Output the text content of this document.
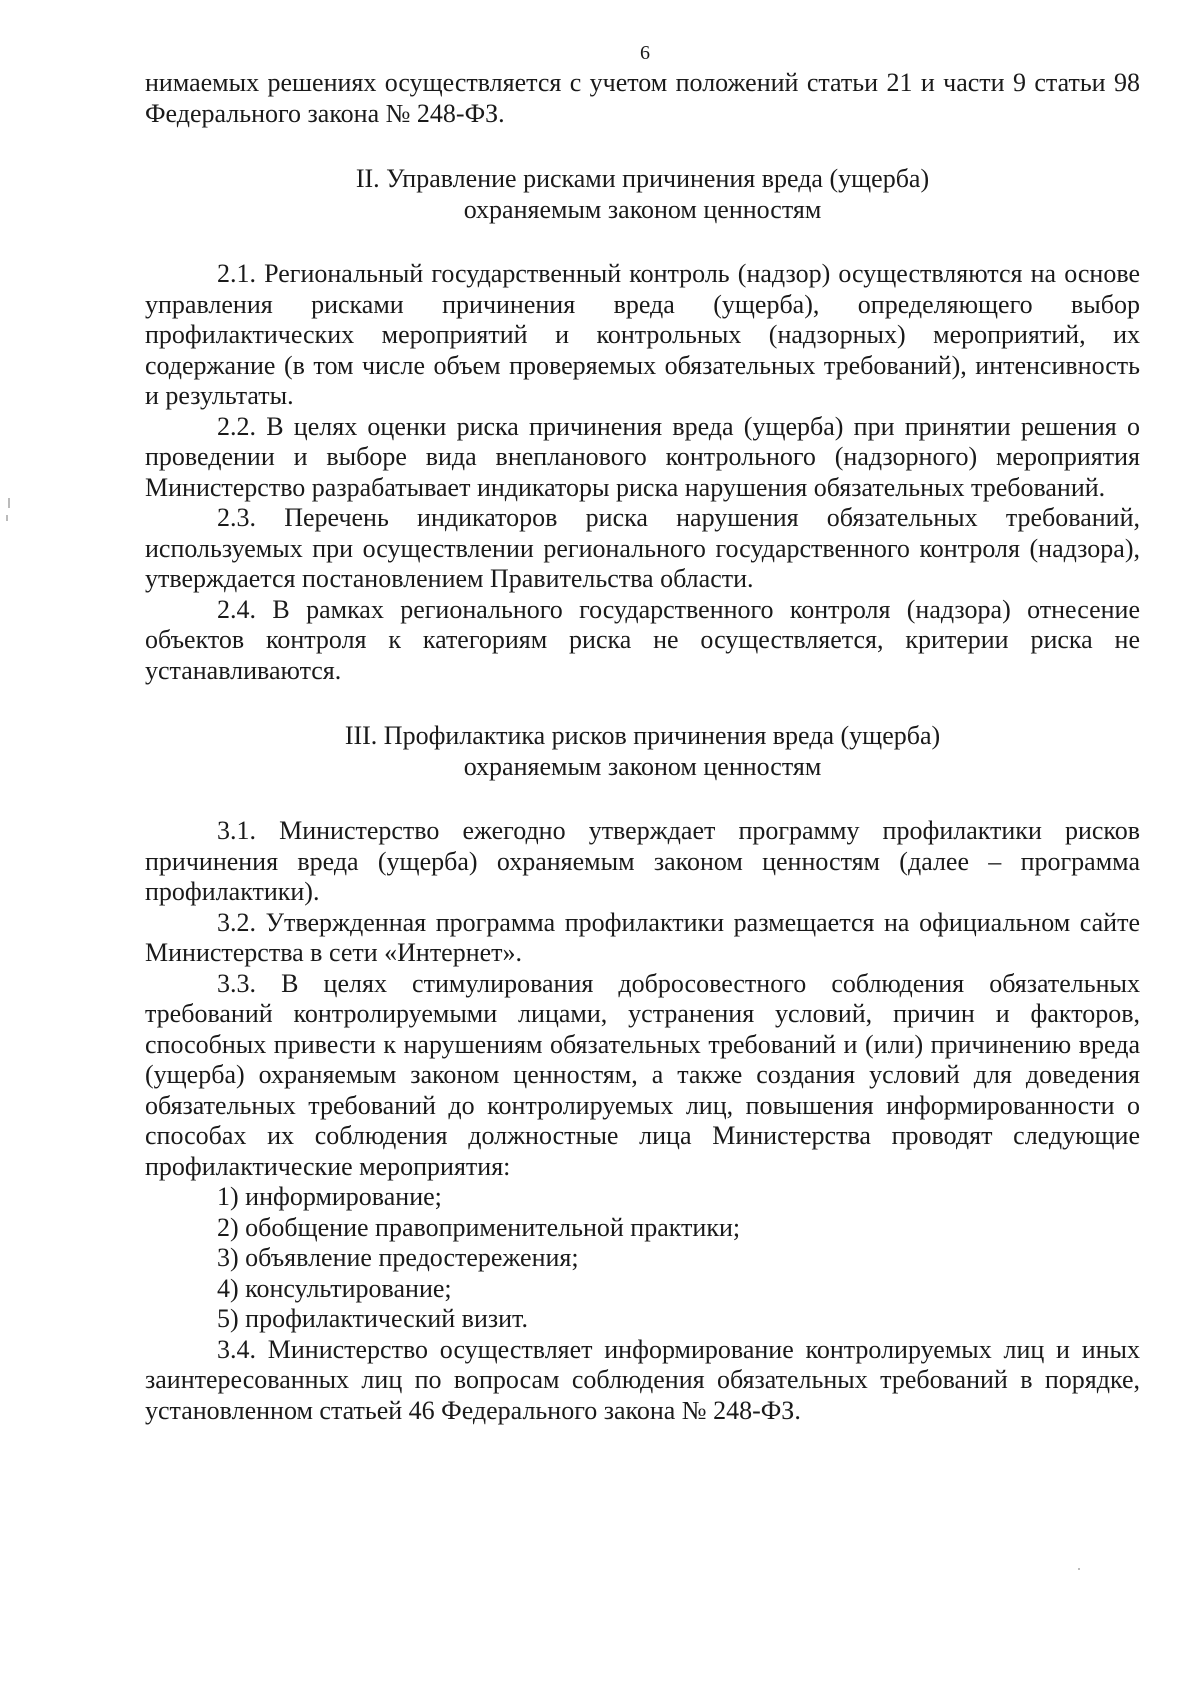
6

нимаемых решениях осуществляется с учетом положений статьи 21 и части 9 статьи 98 Федерального закона № 248-ФЗ.

II. Управление рисками причинения вреда (ущерба)
охраняемым законом ценностям

2.1. Региональный государственный контроль (надзор) осуществляются на основе управления рисками причинения вреда (ущерба), определяющего выбор профилактических мероприятий и контрольных (надзорных) мероприятий, их содержание (в том числе объем проверяемых обязательных требований), интенсивность и результаты.

2.2. В целях оценки риска причинения вреда (ущерба) при принятии решения о проведении и выборе вида внепланового контрольного (надзорного) мероприятия Министерство разрабатывает индикаторы риска нарушения обязательных требований.

2.3. Перечень индикаторов риска нарушения обязательных требований, используемых при осуществлении регионального государственного контроля (надзора), утверждается постановлением Правительства области.

2.4. В рамках регионального государственного контроля (надзора) отнесение объектов контроля к категориям риска не осуществляется, критерии риска не устанавливаются.

III. Профилактика рисков причинения вреда (ущерба)
охраняемым законом ценностям

3.1. Министерство ежегодно утверждает программу профилактики рисков причинения вреда (ущерба) охраняемым законом ценностям (далее – программа профилактики).

3.2. Утвержденная программа профилактики размещается на официальном сайте Министерства в сети «Интернет».

3.3. В целях стимулирования добросовестного соблюдения обязательных требований контролируемыми лицами, устранения условий, причин и факторов, способных привести к нарушениям обязательных требований и (или) причинению вреда (ущерба) охраняемым законом ценностям, а также создания условий для доведения обязательных требований до контролируемых лиц, повышения информированности о способах их соблюдения должностные лица Министерства проводят следующие профилактические мероприятия:

1) информирование;

2) обобщение правоприменительной практики;

3) объявление предостережения;

4) консультирование;

5) профилактический визит.

3.4. Министерство осуществляет информирование контролируемых лиц и иных заинтересованных лиц по вопросам соблюдения обязательных требований в порядке, установленном статьей 46 Федерального закона № 248-ФЗ.
